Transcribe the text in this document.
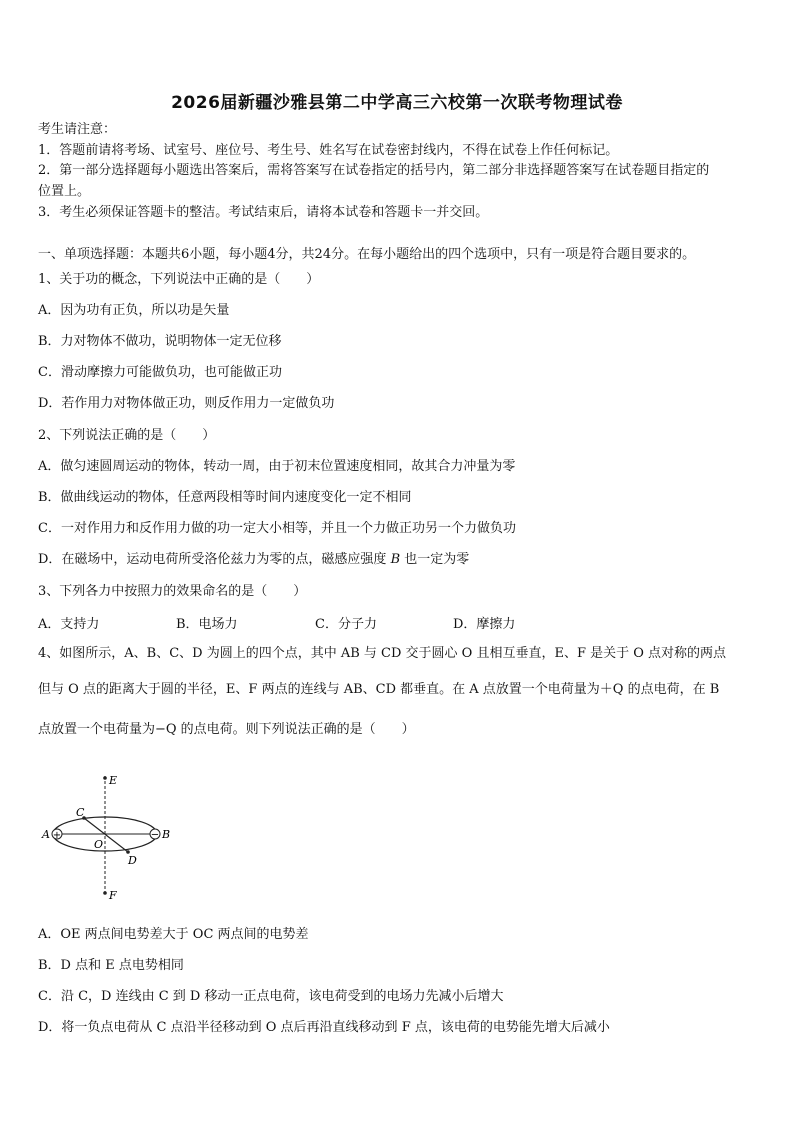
2026届新疆沙雅县第二中学高三六校第一次联考物理试卷
考生请注意：
1．答题前请将考场、试室号、座位号、考生号、姓名写在试卷密封线内，不得在试卷上作任何标记。
2．第一部分选择题每小题选出答案后，需将答案写在试卷指定的括号内，第二部分非选择题答案写在试卷题目指定的
位置上。
3．考生必须保证答题卡的整洁。考试结束后，请将本试卷和答题卡一并交回。
一、单项选择题：本题共6小题，每小题4分，共24分。在每小题给出的四个选项中，只有一项是符合题目要求的。
1、关于功的概念，下列说法中正确的是（　　）
A．因为功有正负，所以功是矢量
B．力对物体不做功，说明物体一定无位移
C．滑动摩擦力可能做负功，也可能做正功
D．若作用力对物体做正功，则反作用力一定做负功
2、下列说法正确的是（　　）
A．做匀速圆周运动的物体，转动一周，由于初末位置速度相同，故其合力冲量为零
B．做曲线运动的物体，任意两段相等时间内速度变化一定不相同
C．一对作用力和反作用力做的功一定大小相等，并且一个力做正功另一个力做负功
D．在磁场中，运动电荷所受洛伦兹力为零的点，磁感应强度 B 也一定为零
3、下列各力中按照力的效果命名的是（　　）
A．支持力	B．电场力	C．分子力	D．摩擦力
4、如图所示，A、B、C、D 为圆上的四个点，其中 AB 与 CD 交于圆心 O 且相互垂直，E、F 是关于 O 点对称的两点
但与 O 点的距离大于圆的半径，E、F 两点的连线与 AB、CD 都垂直。在 A 点放置一个电荷量为＋Q 的点电荷，在 B
点放置一个电荷量为−Q 的点电荷。则下列说法正确的是（　　）
+	−
E
F
A	B
C
D
O
A．OE 两点间电势差大于 OC 两点间的电势差
B．D 点和 E 点电势相同
C．沿 C，D 连线由 C 到 D 移动一正点电荷，该电荷受到的电场力先减小后增大
D．将一负点电荷从 C 点沿半径移动到 O 点后再沿直线移动到 F 点，该电荷的电势能先增大后减小
